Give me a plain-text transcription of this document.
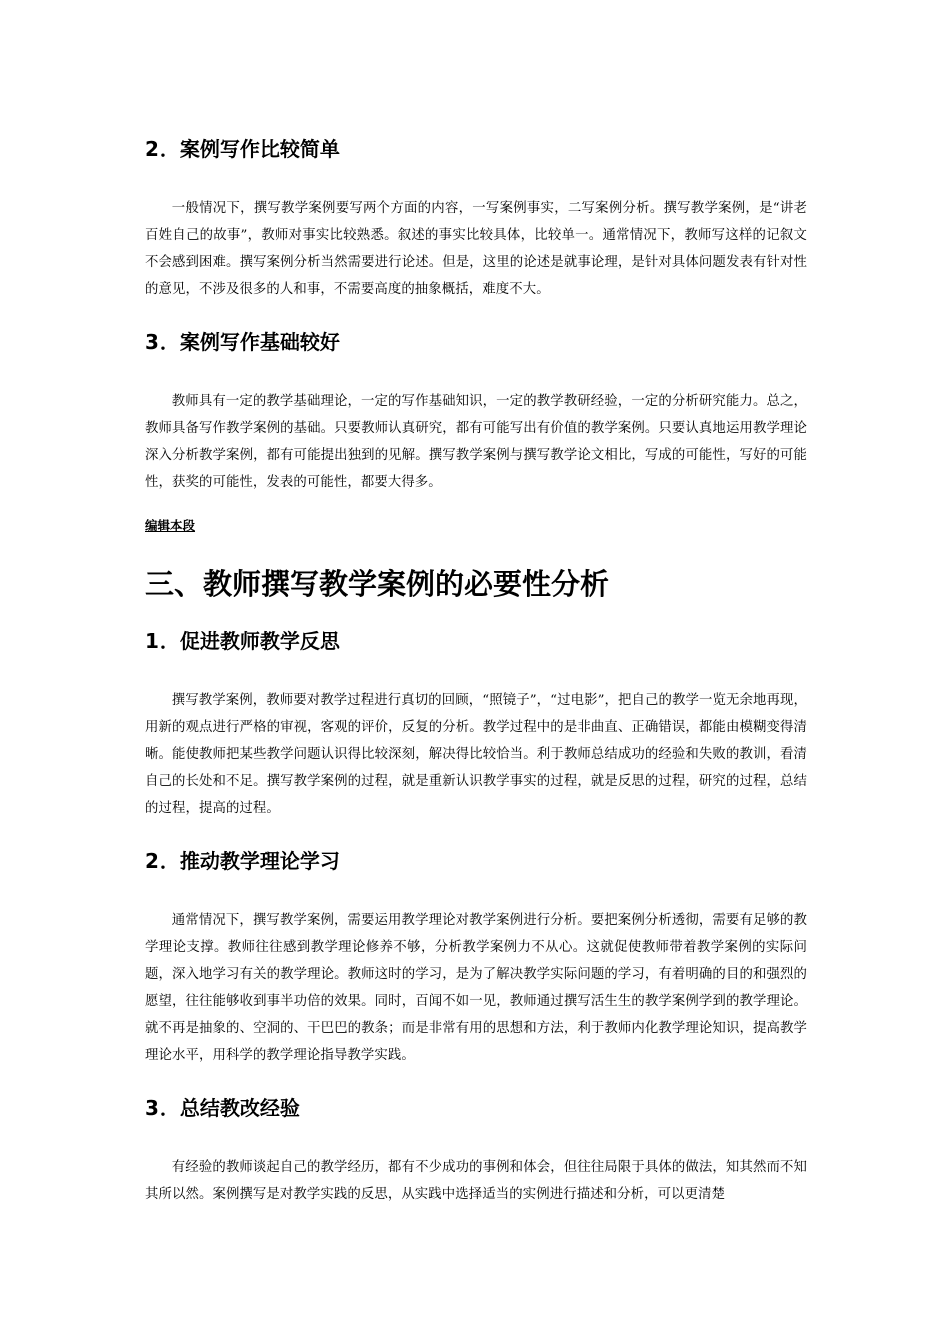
2．案例写作比较简单

一般情况下，撰写教学案例要写两个方面的内容，一写案例事实，二写案例分析。撰写教学案例，是“讲老百姓自己的故事”，教师对事实比较熟悉。叙述的事实比较具体，比较单一。通常情况下，教师写这样的记叙文不会感到困难。撰写案例分析当然需要进行论述。但是，这里的论述是就事论理，是针对具体问题发表有针对性的意见，不涉及很多的人和事，不需要高度的抽象概括，难度不大。

3．案例写作基础较好

教师具有一定的教学基础理论，一定的写作基础知识，一定的教学教研经验，一定的分析研究能力。总之，教师具备写作教学案例的基础。只要教师认真研究，都有可能写出有价值的教学案例。只要认真地运用教学理论深入分析教学案例，都有可能提出独到的见解。撰写教学案例与撰写教学论文相比，写成的可能性，写好的可能性，获奖的可能性，发表的可能性，都要大得多。

编辑本段
三、教师撰写教学案例的必要性分析
1．促进教师教学反思

撰写教学案例，教师要对教学过程进行真切的回顾，“照镜子”，“过电影”，把自己的教学一览无余地再现，用新的观点进行严格的审视，客观的评价，反复的分析。教学过程中的是非曲直、正确错误，都能由模糊变得清晰。能使教师把某些教学问题认识得比较深刻，解决得比较恰当。利于教师总结成功的经验和失败的教训，看清自己的长处和不足。撰写教学案例的过程，就是重新认识教学事实的过程，就是反思的过程，研究的过程，总结的过程，提高的过程。

2．推动教学理论学习

通常情况下，撰写教学案例，需要运用教学理论对教学案例进行分析。要把案例分析透彻，需要有足够的教学理论支撑。教师往往感到教学理论修养不够，分析教学案例力不从心。这就促使教师带着教学案例的实际问题，深入地学习有关的教学理论。教师这时的学习，是为了解决教学实际问题的学习，有着明确的目的和强烈的愿望，往往能够收到事半功倍的效果。同时，百闻不如一见，教师通过撰写活生生的教学案例学到的教学理论。就不再是抽象的、空洞的、干巴巴的教条；而是非常有用的思想和方法，利于教师内化教学理论知识，提高教学理论水平，用科学的教学理论指导教学实践。

3．总结教改经验

有经验的教师谈起自己的教学经历，都有不少成功的事例和体会，但往往局限于具体的做法，知其然而不知其所以然。案例撰写是对教学实践的反思，从实践中选择适当的实例进行描述和分析，可以更清楚
